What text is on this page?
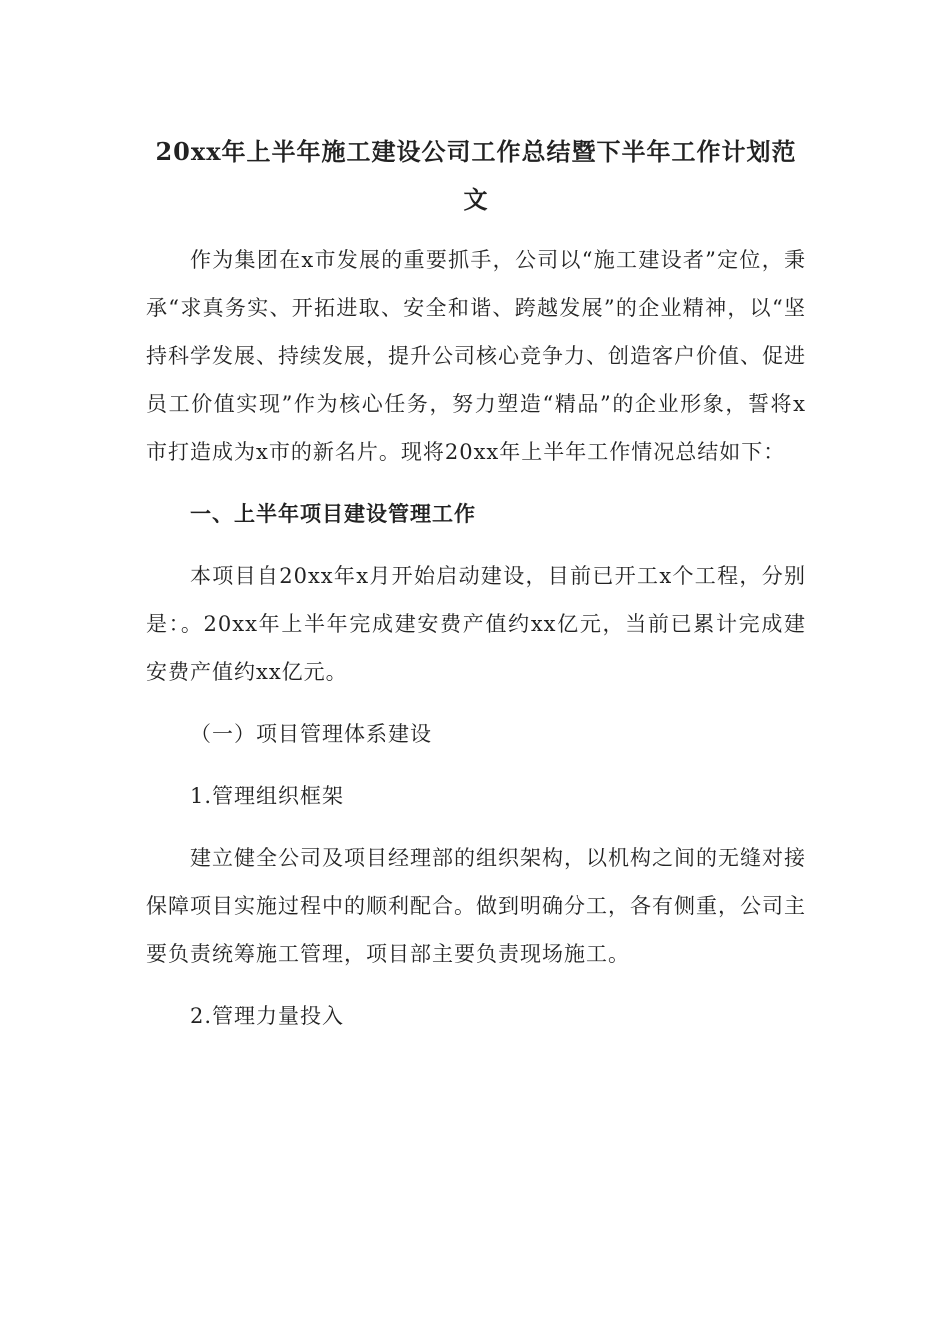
20xx年上半年施工建设公司工作总结暨下半年工作计划范文

作为集团在x市发展的重要抓手，公司以“施工建设者”定位，秉承“求真务实、开拓进取、安全和谐、跨越发展”的企业精神，以“坚持科学发展、持续发展，提升公司核心竞争力、创造客户价值、促进员工价值实现”作为核心任务，努力塑造“精品”的企业形象，誓将x市打造成为x市的新名片。现将20xx年上半年工作情况总结如下：

一、上半年项目建设管理工作

本项目自20xx年x月开始启动建设，目前已开工x个工程，分别是：。20xx年上半年完成建安费产值约xx亿元，当前已累计完成建安费产值约xx亿元。

（一）项目管理体系建设

1.管理组织框架

建立健全公司及项目经理部的组织架构，以机构之间的无缝对接保障项目实施过程中的顺利配合。做到明确分工，各有侧重，公司主要负责统筹施工管理，项目部主要负责现场施工。

2.管理力量投入
